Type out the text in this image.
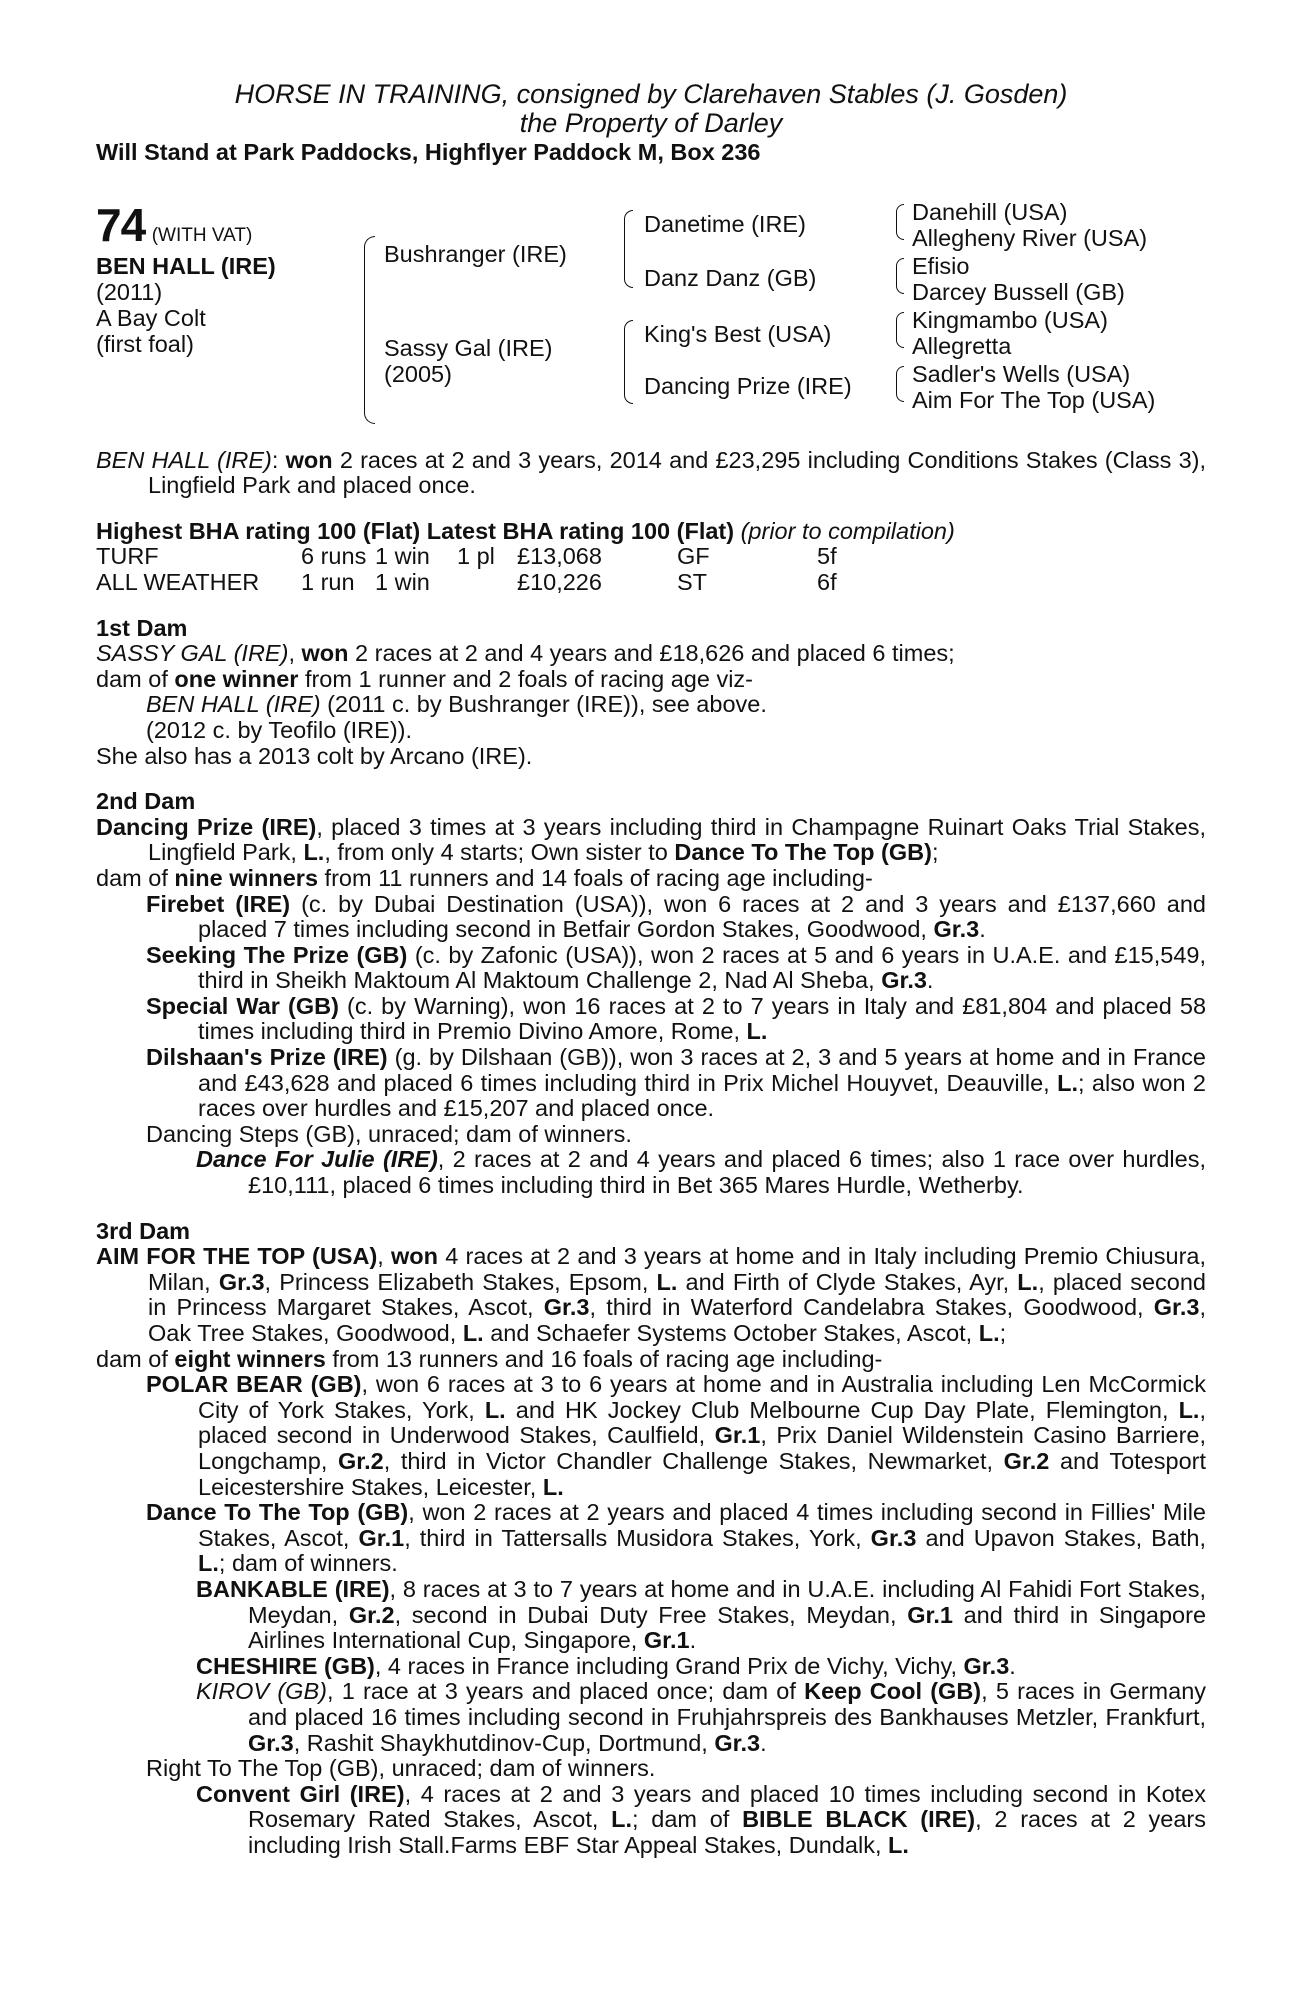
HORSE IN TRAINING, consigned by Clarehaven Stables (J. Gosden)
the Property of Darley
Will Stand at Park Paddocks, Highflyer Paddock M, Box 236
74 (WITH VAT)
BEN HALL (IRE)
(2011)
A Bay Colt
(first foal)
Bushranger (IRE)
Sassy Gal (IRE)
(2005)
Danetime (IRE)
Danz Danz (GB)
King's Best (USA)
Dancing Prize (IRE)
Danehill (USA)
Allegheny River (USA)
Efisio
Darcey Bussell (GB)
Kingmambo (USA)
Allegretta
Sadler's Wells (USA)
Aim For The Top (USA)

BEN HALL (IRE): won 2 races at 2 and 3 years, 2014 and £23,295 including Conditions Stakes (Class 3), Lingfield Park and placed once.

Highest BHA rating 100 (Flat) Latest BHA rating 100 (Flat) (prior to compilation)
TURF	6 runs 1 win	1 pl £13,068	GF	5f
ALL WEATHER	1 run 1 win	£10,226	ST	6f
1st Dam

SASSY GAL (IRE), won 2 races at 2 and 4 years and £18,626 and placed 6 times;

dam of one winner from 1 runner and 2 foals of racing age viz-

BEN HALL (IRE) (2011 c. by Bushranger (IRE)), see above.

(2012 c. by Teofilo (IRE)).

She also has a 2013 colt by Arcano (IRE).

2nd Dam

Dancing Prize (IRE), placed 3 times at 3 years including third in Champagne Ruinart Oaks Trial Stakes, Lingfield Park, L., from only 4 starts; Own sister to Dance To The Top (GB);

dam of nine winners from 11 runners and 14 foals of racing age including-

Firebet (IRE) (c. by Dubai Destination (USA)), won 6 races at 2 and 3 years and £137,660 and placed 7 times including second in Betfair Gordon Stakes, Goodwood, Gr.3.

Seeking The Prize (GB) (c. by Zafonic (USA)), won 2 races at 5 and 6 years in U.A.E. and £15,549, third in Sheikh Maktoum Al Maktoum Challenge 2, Nad Al Sheba, Gr.3.

Special War (GB) (c. by Warning), won 16 races at 2 to 7 years in Italy and £81,804 and placed 58 times including third in Premio Divino Amore, Rome, L.

Dilshaan's Prize (IRE) (g. by Dilshaan (GB)), won 3 races at 2, 3 and 5 years at home and in France and £43,628 and placed 6 times including third in Prix Michel Houyvet, Deauville, L.; also won 2 races over hurdles and £15,207 and placed once.

Dancing Steps (GB), unraced; dam of winners.

Dance For Julie (IRE), 2 races at 2 and 4 years and placed 6 times; also 1 race over hurdles, £10,111, placed 6 times including third in Bet 365 Mares Hurdle, Wetherby.

3rd Dam

AIM FOR THE TOP (USA), won 4 races at 2 and 3 years at home and in Italy including Premio Chiusura, Milan, Gr.3, Princess Elizabeth Stakes, Epsom, L. and Firth of Clyde Stakes, Ayr, L., placed second in Princess Margaret Stakes, Ascot, Gr.3, third in Waterford Candelabra Stakes, Goodwood, Gr.3, Oak Tree Stakes, Goodwood, L. and Schaefer Systems October Stakes, Ascot, L.;

dam of eight winners from 13 runners and 16 foals of racing age including-

POLAR BEAR (GB), won 6 races at 3 to 6 years at home and in Australia including Len McCormick City of York Stakes, York, L. and HK Jockey Club Melbourne Cup Day Plate, Flemington, L., placed second in Underwood Stakes, Caulfield, Gr.1, Prix Daniel Wildenstein Casino Barriere, Longchamp, Gr.2, third in Victor Chandler Challenge Stakes, Newmarket, Gr.2 and Totesport Leicestershire Stakes, Leicester, L.

Dance To The Top (GB), won 2 races at 2 years and placed 4 times including second in Fillies' Mile Stakes, Ascot, Gr.1, third in Tattersalls Musidora Stakes, York, Gr.3 and Upavon Stakes, Bath, L.; dam of winners.

BANKABLE (IRE), 8 races at 3 to 7 years at home and in U.A.E. including Al Fahidi Fort Stakes, Meydan, Gr.2, second in Dubai Duty Free Stakes, Meydan, Gr.1 and third in Singapore Airlines International Cup, Singapore, Gr.1.

CHESHIRE (GB), 4 races in France including Grand Prix de Vichy, Vichy, Gr.3.

KIROV (GB), 1 race at 3 years and placed once; dam of Keep Cool (GB), 5 races in Germany and placed 16 times including second in Fruhjahrspreis des Bankhauses Metzler, Frankfurt, Gr.3, Rashit Shaykhutdinov-Cup, Dortmund, Gr.3.

Right To The Top (GB), unraced; dam of winners.

Convent Girl (IRE), 4 races at 2 and 3 years and placed 10 times including second in Kotex Rosemary Rated Stakes, Ascot, L.; dam of BIBLE BLACK (IRE), 2 races at 2 years including Irish Stall.Farms EBF Star Appeal Stakes, Dundalk, L.
